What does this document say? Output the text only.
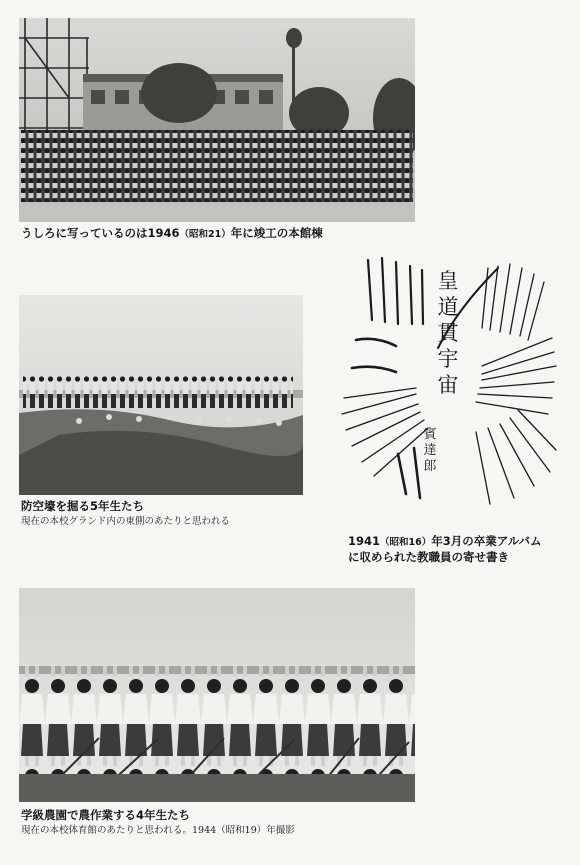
うしろに写っているのは1946（昭和21）年に竣工の本館棟
防空壕を掘る5年生たち
現在の本校グランド内の東側のあたりと思われる
皇
道
貫
宇
宙
賓
達
郎
1941（昭和16）年3月の卒業アルバム
に収められた教職員の寄せ書き
学級農園で農作業する4年生たち
現在の本校体育館のあたりと思われる。1944（昭和19）年撮影
